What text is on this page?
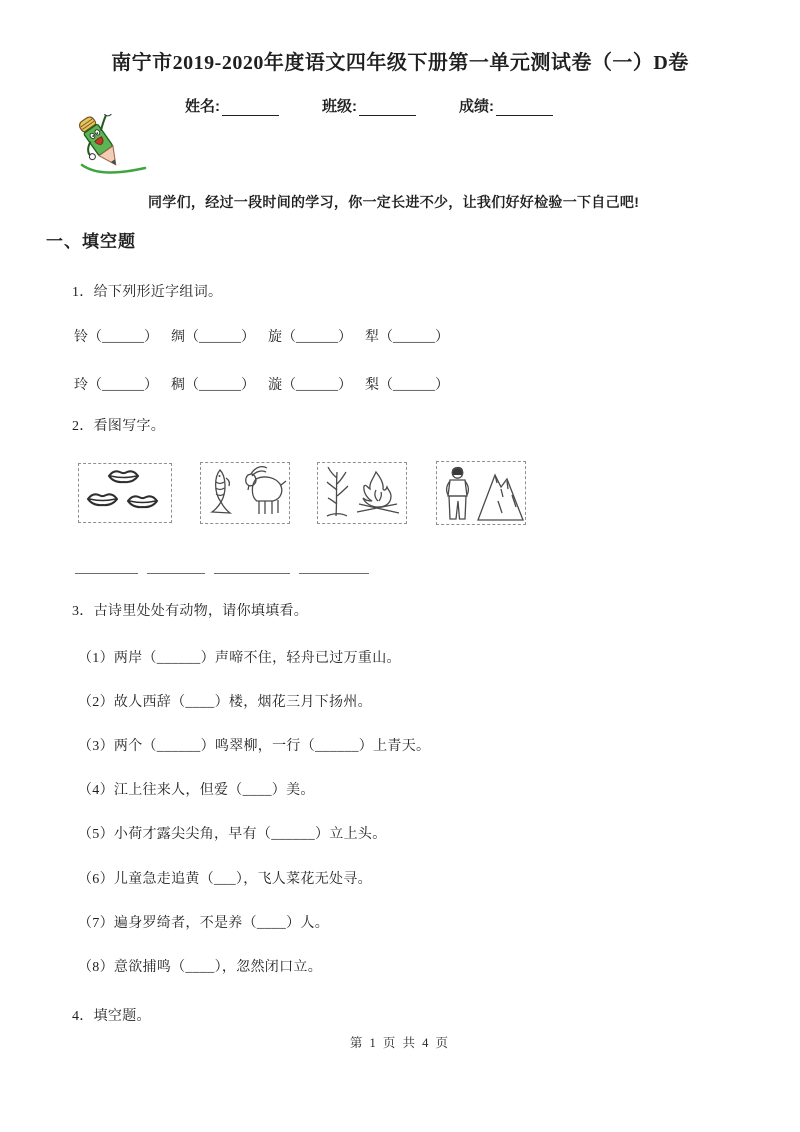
南宁市2019-2020年度语文四年级下册第一单元测试卷（一）D卷
姓名:	班级:	成绩:
同学们，经过一段时间的学习，你一定长进不少，让我们好好检验一下自己吧!
一、填空题
1．给下列形近字组词。
铃（______） 绸（______） 旋（______） 犁（______）
玲（______） 稠（______） 漩（______） 梨（______）
2．看图写字。
3．古诗里处处有动物，请你填填看。
（1）两岸（______）声啼不住，轻舟已过万重山。
（2）故人西辞（____）楼，烟花三月下扬州。
（3）两个（______）鸣翠柳，一行（______）上青天。
（4）江上往来人，但爱（____）美。
（5）小荷才露尖尖角，早有（______）立上头。
（6）儿童急走追黄（___），飞人菜花无处寻。
（7）遍身罗绮者，不是养（____）人。
（8）意欲捕鸣（____），忽然闭口立。
4．填空题。
第 1 页 共 4 页
